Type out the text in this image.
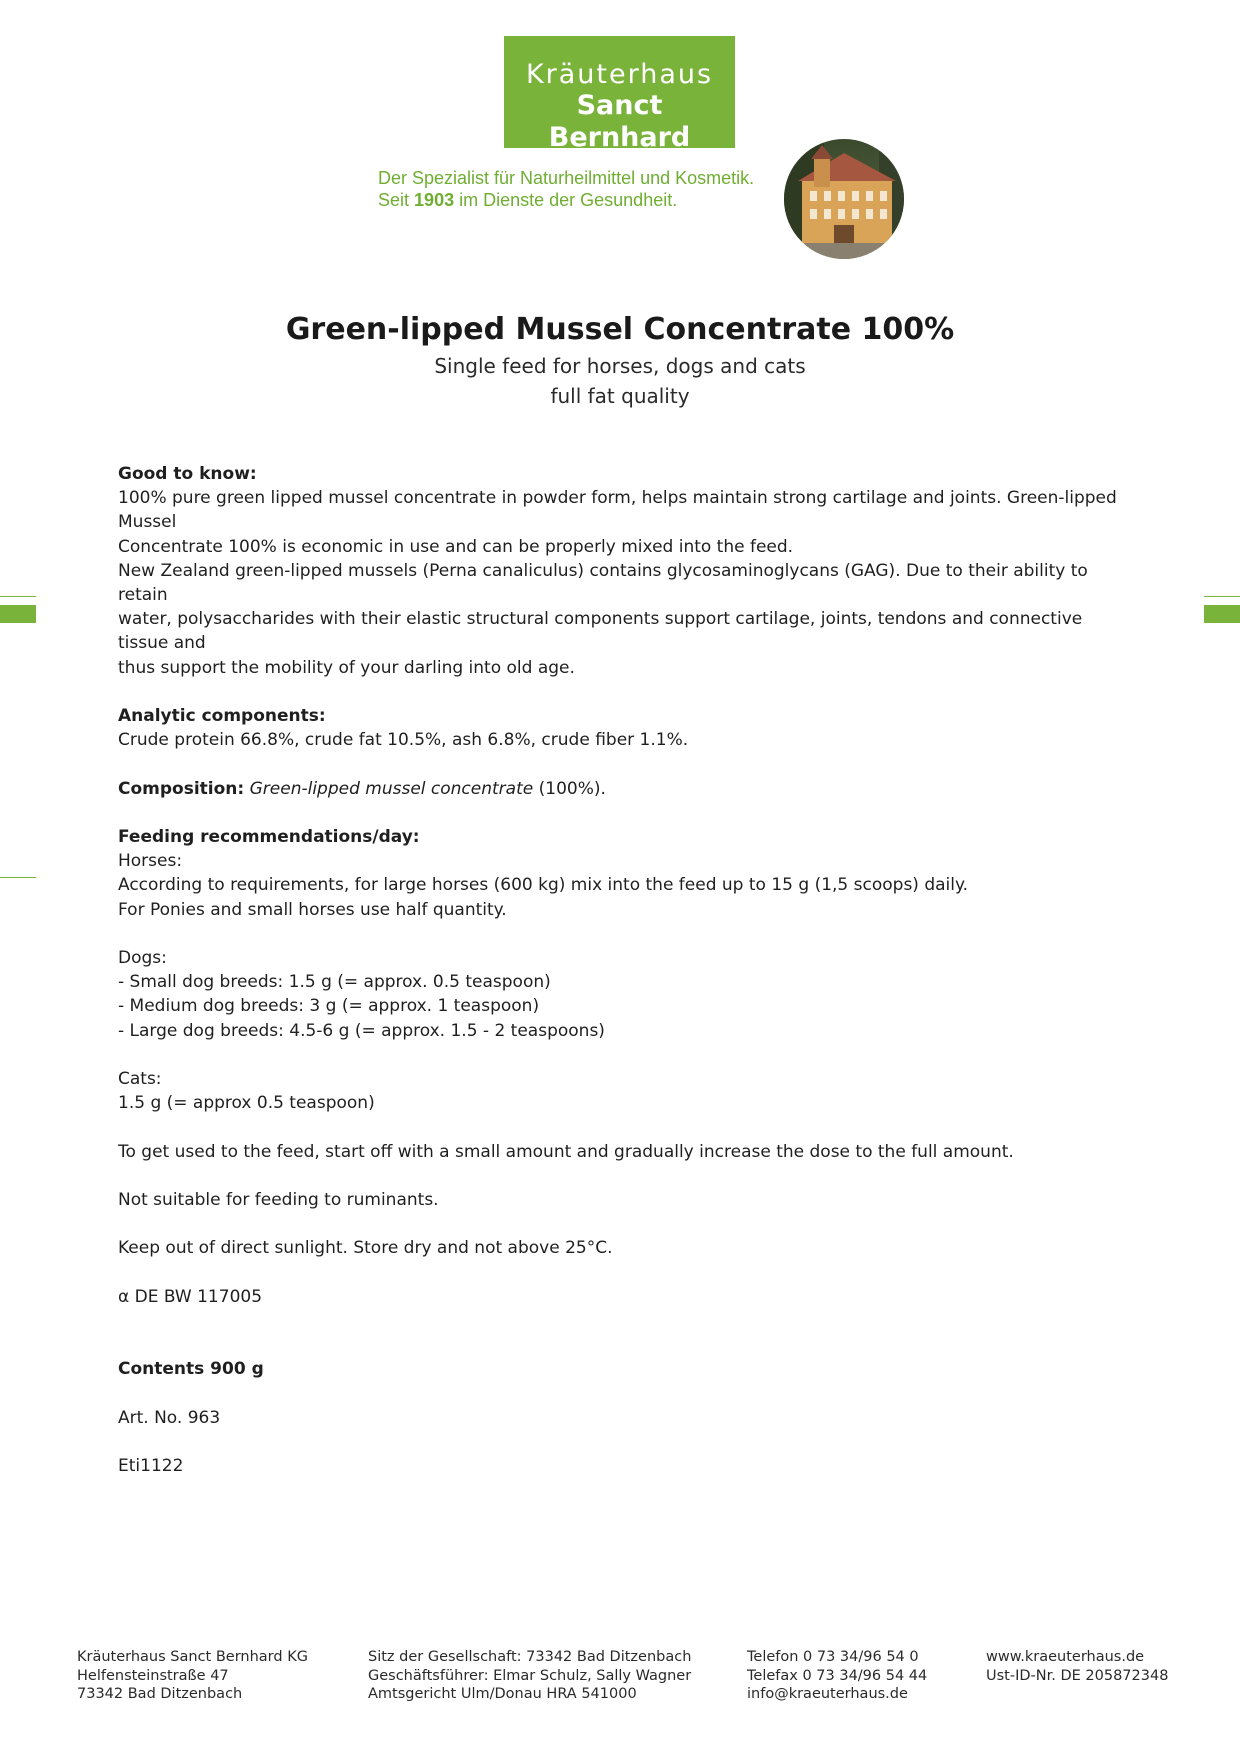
Kräuterhaus
Sanct Bernhard
Der Spezialist für Naturheilmittel und Kosmetik.
Seit 1903 im Dienste der Gesundheit.
Green-lipped Mussel Concentrate 100%
Single feed for horses, dogs and cats
full fat quality

Good to know:

100% pure green lipped mussel concentrate in powder form, helps maintain strong cartilage and joints. Green-lipped Mussel

Concentrate 100% is economic in use and can be properly mixed into the feed.

New Zealand green-lipped mussels (Perna canaliculus) contains glycosaminoglycans (GAG). Due to their ability to retain

water, polysaccharides with their elastic structural components support cartilage, joints, tendons and connective tissue and

thus support the mobility of your darling into old age.

Analytic components:

Crude protein 66.8%, crude fat 10.5%, ash 6.8%, crude fiber 1.1%.

Composition: Green-lipped mussel concentrate (100%).

Feeding recommendations/day:

Horses:

According to requirements, for large horses (600 kg) mix into the feed up to 15 g (1,5 scoops) daily.

For Ponies and small horses use half quantity.

Dogs:

- Small dog breeds: 1.5 g (= approx. 0.5 teaspoon)

- Medium dog breeds: 3 g (= approx. 1 teaspoon)

- Large dog breeds: 4.5-6 g (= approx. 1.5 - 2 teaspoons)

Cats:

1.5 g (= approx 0.5 teaspoon)

To get used to the feed, start off with a small amount and gradually increase the dose to the full amount.

Not suitable for feeding to ruminants.

Keep out of direct sunlight. Store dry and not above 25°C.

α DE BW 117005

Contents 900 g

Art. No. 963

Eti1122

Kräuterhaus Sanct Bernhard KG

Helfensteinstraße 47

73342 Bad Ditzenbach

Sitz der Gesellschaft: 73342 Bad Ditzenbach

Geschäftsführer: Elmar Schulz, Sally Wagner

Amtsgericht Ulm/Donau HRA 541000

Telefon 0 73 34/96 54 0

Telefax 0 73 34/96 54 44

info@kraeuterhaus.de

www.kraeuterhaus.de

Ust-ID-Nr. DE 205872348
